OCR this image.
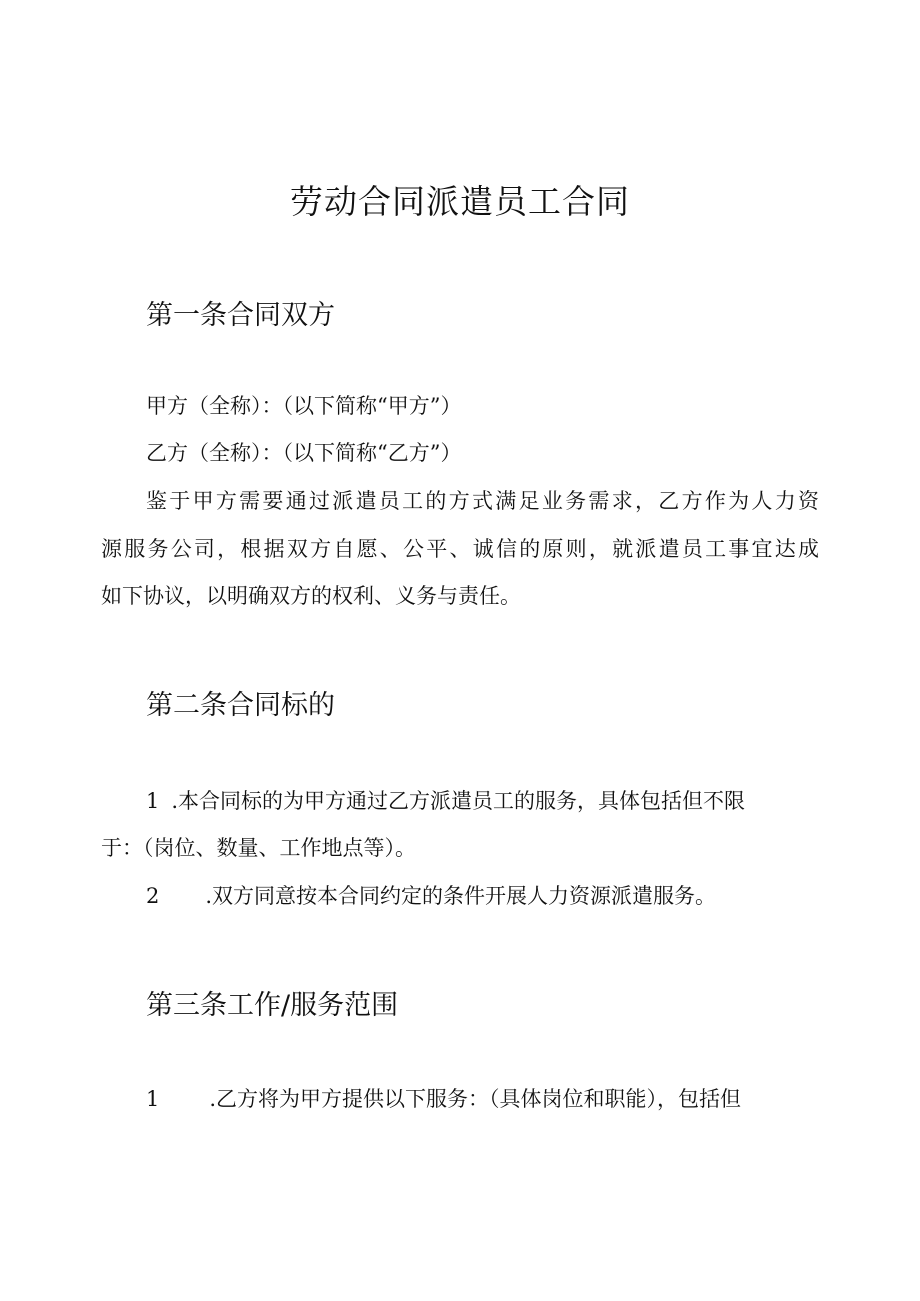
劳动合同派遣员工合同
第一条合同双方

甲方（全称）：（以下简称“甲方”）

乙方（全称）：（以下简称“乙方”）

鉴于甲方需要通过派遣员工的方式满足业务需求，乙方作为人力资

源服务公司，根据双方自愿、公平、诚信的原则，就派遣员工事宜达成

如下协议，以明确双方的权利、义务与责任。

第二条合同标的

1 .本合同标的为甲方通过乙方派遣员工的服务，具体包括但不限

于：（岗位、数量、工作地点等）。

2 .双方同意按本合同约定的条件开展人力资源派遣服务。

第三条工作/服务范围

1 .乙方将为甲方提供以下服务：（具体岗位和职能），包括但
